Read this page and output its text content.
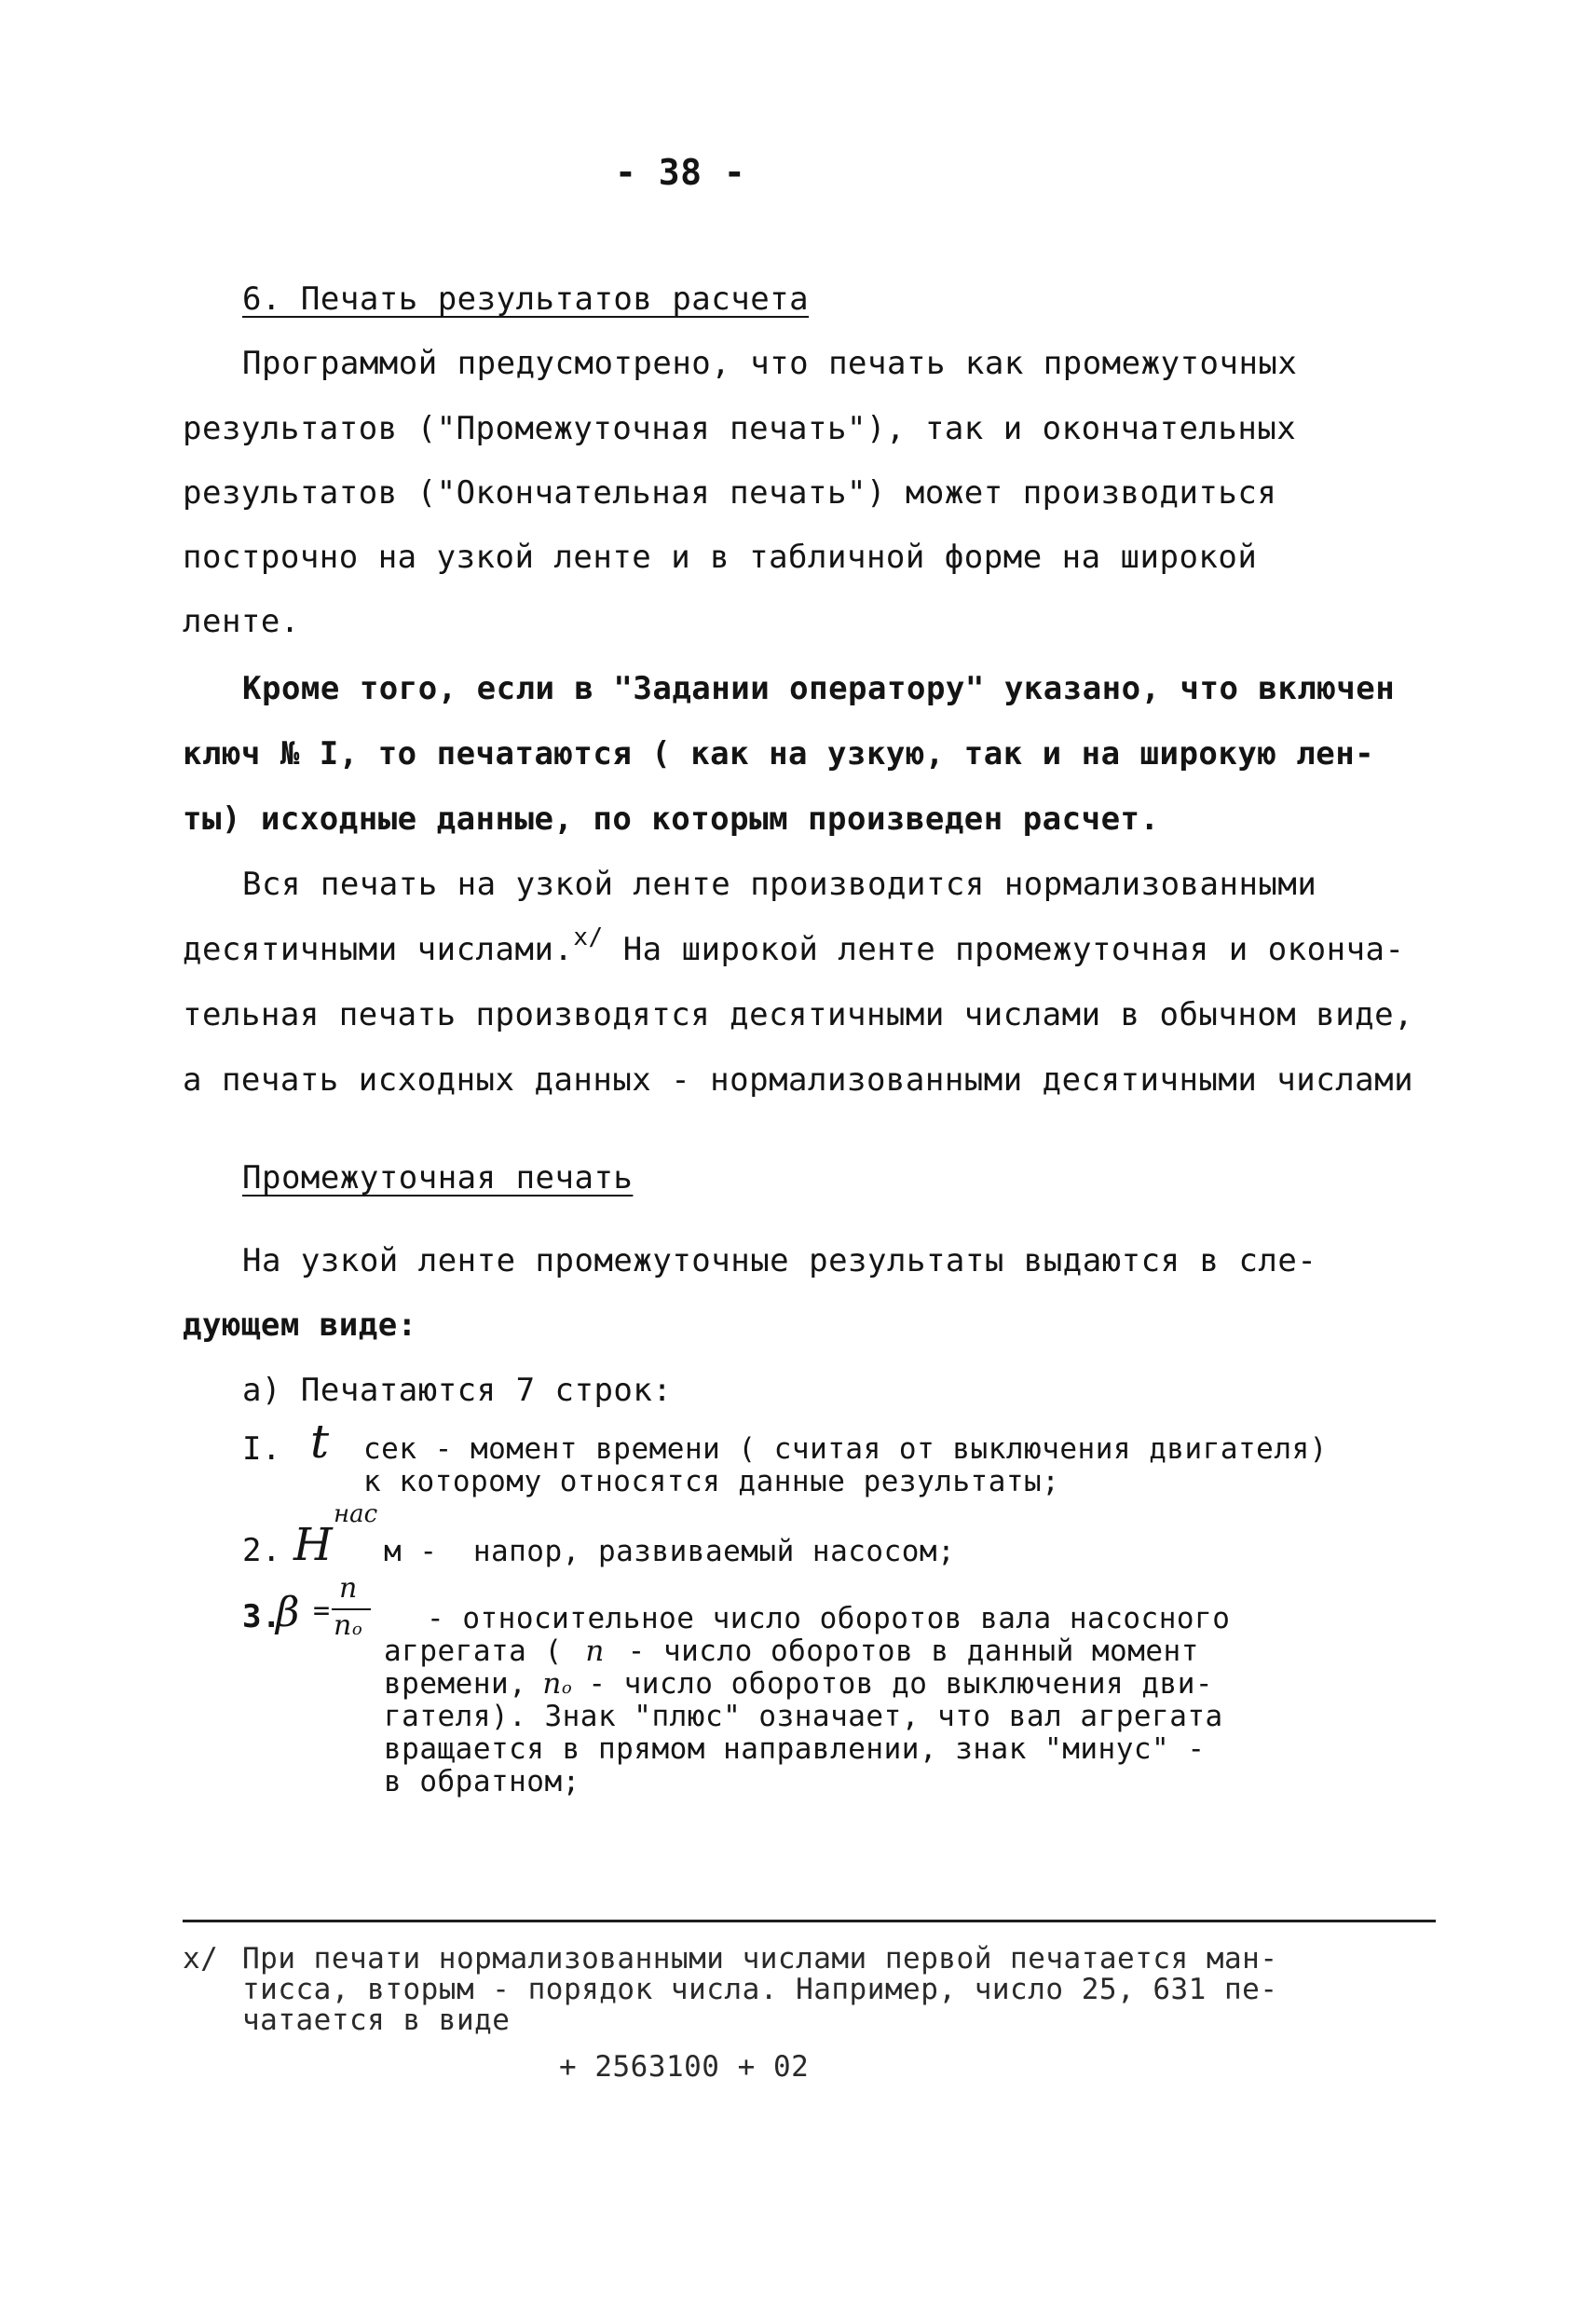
- 38 -
6. Печать результатов расчета
Программой предусмотрено, что печать как промежуточных
результатов ("Промежуточная печать"), так и окончательных
результатов ("Окончательная печать") может производиться
построчно на узкой ленте и в табличной форме на широкой
ленте.
Кроме того, если в "Задании оператору" указано, что включен
ключ № I, то печатаются ( как на узкую, так и на широкую лен-
ты) исходные данные, по которым произведен расчет.
Вся печать на узкой ленте производится нормализованными
десятичными числами.$^{x/}$ На широкой ленте промежуточная и оконча-
тельная печать производятся десятичными числами в обычном виде,
а печать исходных данных - нормализованными десятичными числами
Промежуточная печать
На узкой ленте промежуточные результаты выдаются в сле-
дующем виде:
а) Печатаются 7 строк:
I. t сек - момент времени ( считая от выключения двигателя)
к которому относятся данные результаты;
2. H
нас
м -  напор, развиваемый насосом;
3.
β =
n
no - относительное число оборотов вала насосного
агрегата ( n - число оборотов в данный момент
времени, no - число оборотов до выключения дви-
гателя). Знак "плюс" означает, что вал агрегата
вращается в прямом направлении, знак "минус" -
в обратном;
x/ При печати нормализованными числами первой печатается ман-
тисса, вторым - порядок числа. Например, число 25, 631 пе-
чатается в виде
+ 2563100 + 02
